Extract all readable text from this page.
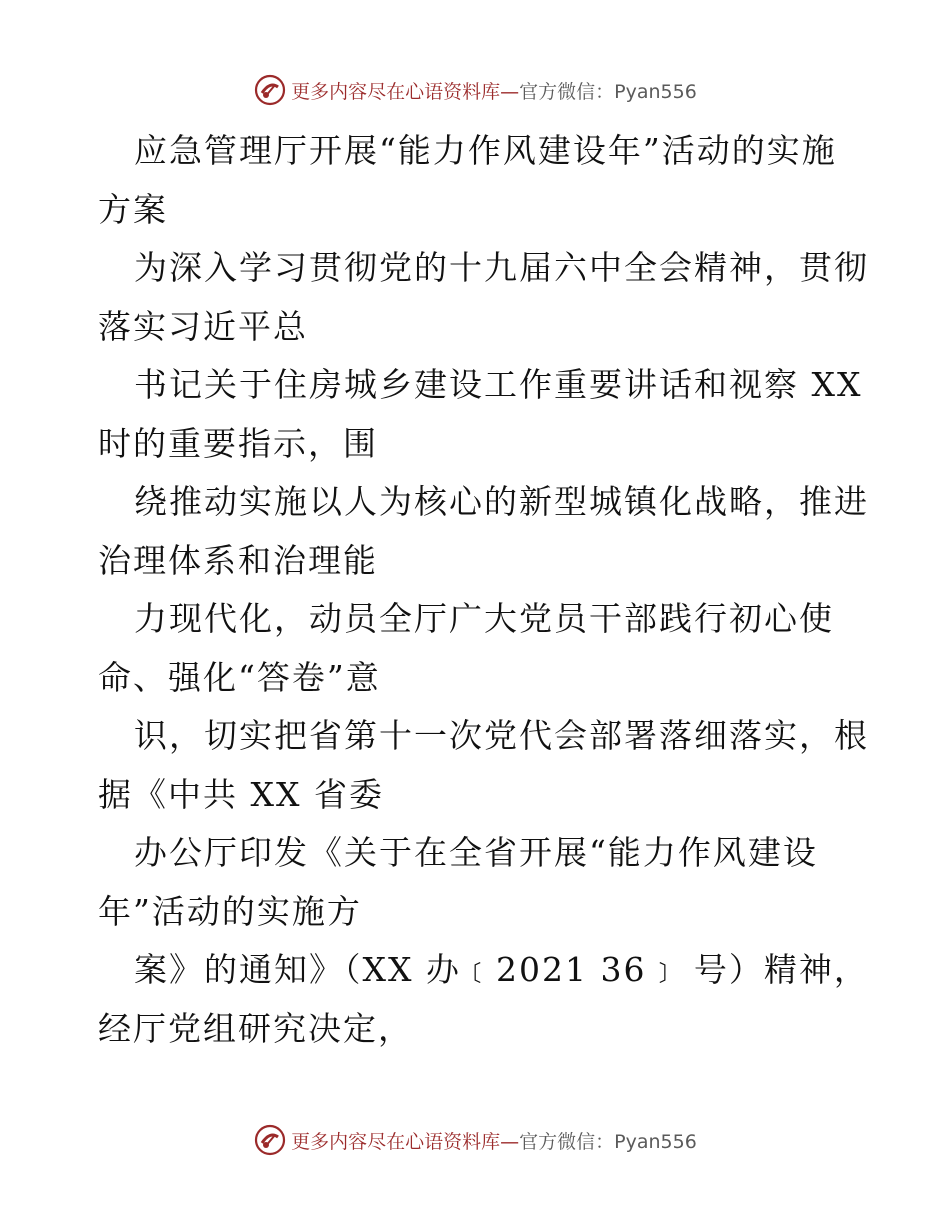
更多内容尽在心语资料库—官方微信：Pyan556
应急管理厅开展“能力作风建设年”活动的实施
方案
为深入学习贯彻党的十九届六中全会精神，贯彻
落实习近平总
书记关于住房城乡建设工作重要讲话和视察 XX
时的重要指示，围
绕推动实施以人为核心的新型城镇化战略，推进
治理体系和治理能
力现代化，动员全厅广大党员干部践行初心使
命、强化“答卷”意
识，切实把省第十一次党代会部署落细落实，根
据《中共 XX 省委
办公厅印发《关于在全省开展“能力作风建设
年”活动的实施方
案》的通知》（XX 办﹝2021 36﹞ 号）精神，
经厅党组研究决定，
更多内容尽在心语资料库—官方微信：Pyan556
